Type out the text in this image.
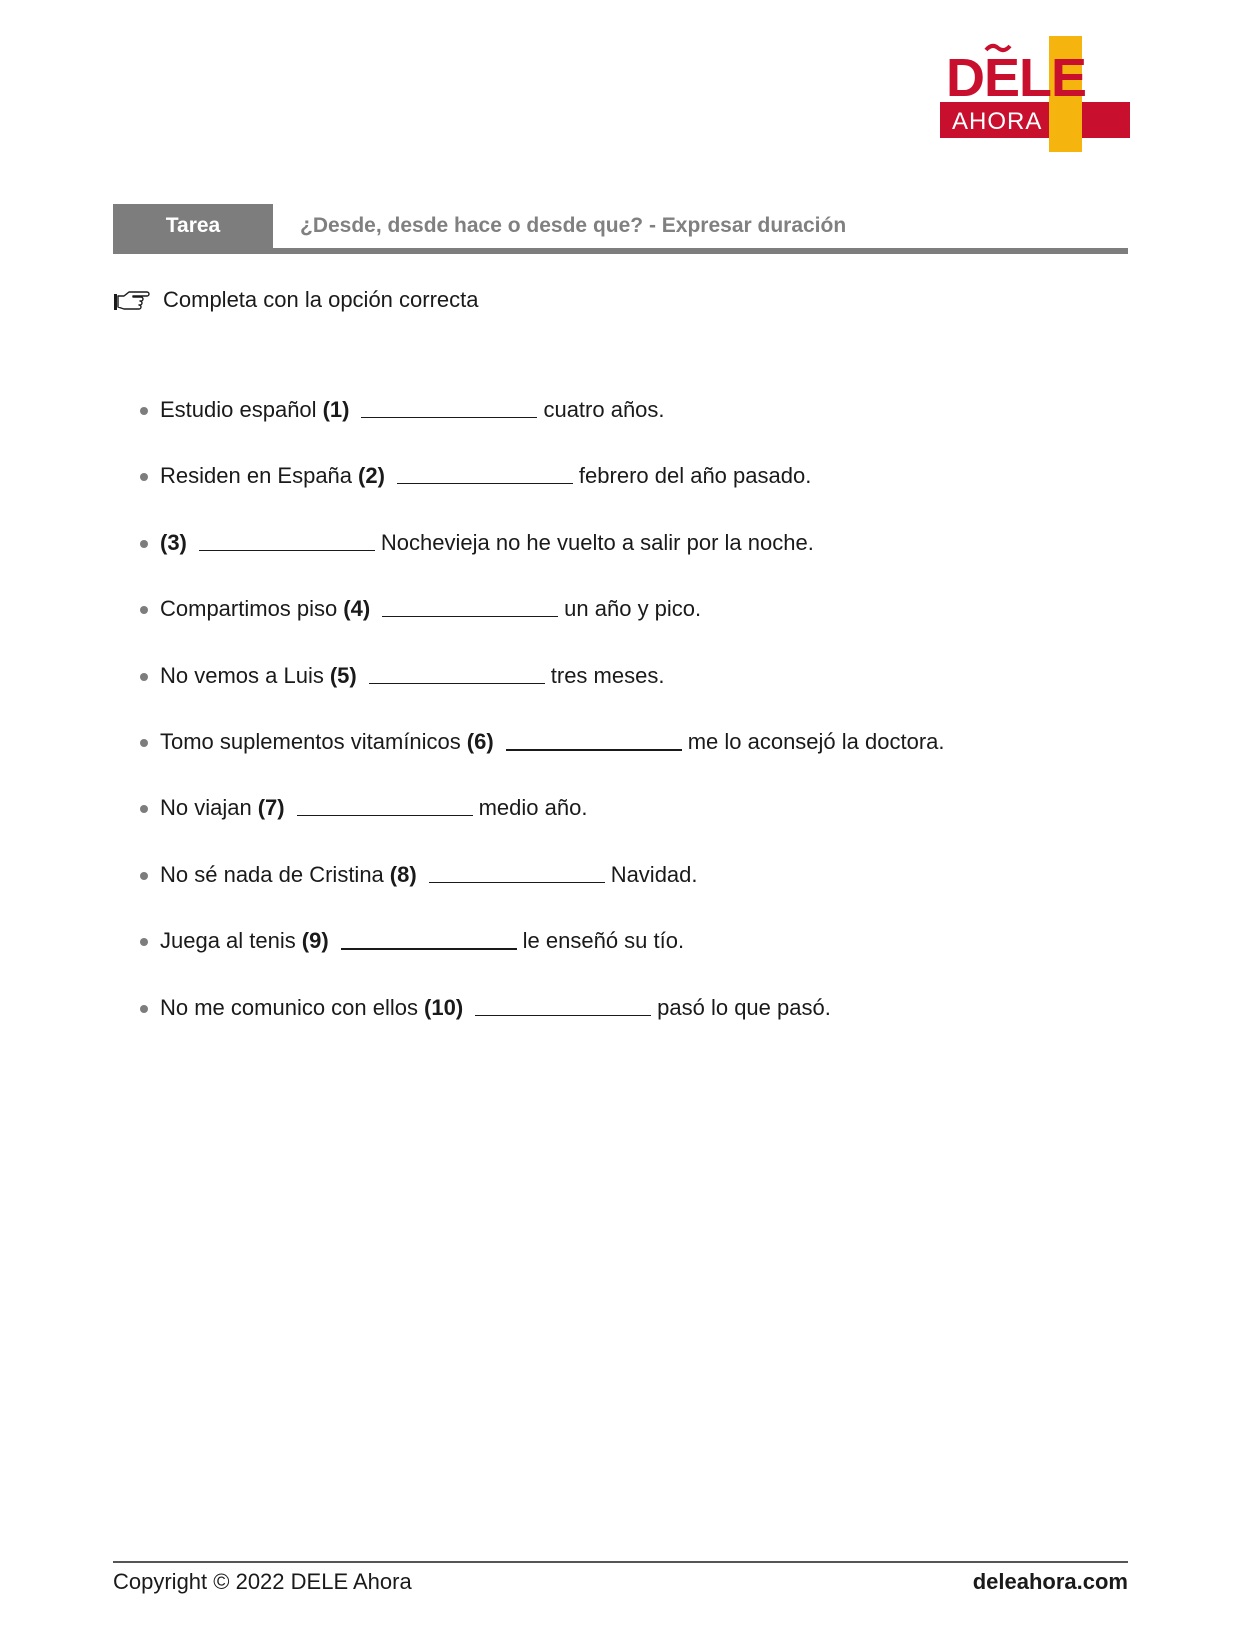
DELE
AHORA
Tarea	¿Desde, desde hace o desde que? - Expresar duración
Completa con la opción correcta
Estudio español (1)	cuatro años.
Residen en España (2)	febrero del año pasado.
(3)	Nochevieja no he vuelto a salir por la noche.
Compartimos piso (4)	un año y pico.
No vemos a Luis (5)	tres meses.
Tomo suplementos vitamínicos (6)	me lo aconsejó la doctora.
No viajan (7)	medio año.
No sé nada de Cristina (8)	Navidad.
Juega al tenis (9)	le enseñó su tío.
No me comunico con ellos (10)	pasó lo que pasó.
Copyright © 2022 DELE Ahora	deleahora.com
